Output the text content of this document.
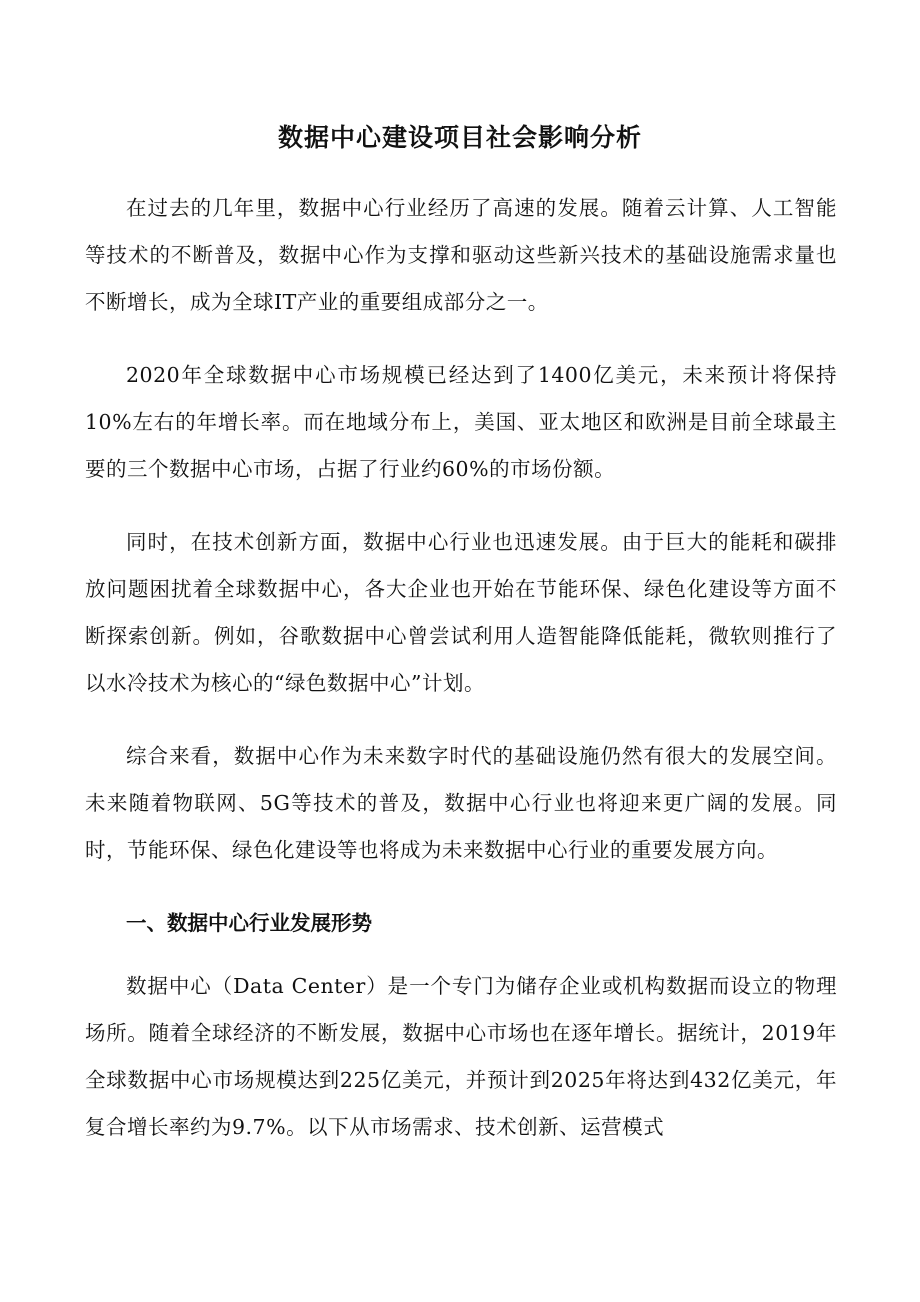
数据中心建设项目社会影响分析

在过去的几年里，数据中心行业经历了高速的发展。随着云计算、人工智能等技术的不断普及，数据中心作为支撑和驱动这些新兴技术的基础设施需求量也不断增长，成为全球IT产业的重要组成部分之一。

2020年全球数据中心市场规模已经达到了1400亿美元，未来预计将保持10%左右的年增长率。而在地域分布上，美国、亚太地区和欧洲是目前全球最主要的三个数据中心市场，占据了行业约60%的市场份额。

同时，在技术创新方面，数据中心行业也迅速发展。由于巨大的能耗和碳排放问题困扰着全球数据中心，各大企业也开始在节能环保、绿色化建设等方面不断探索创新。例如，谷歌数据中心曾尝试利用人造智能降低能耗，微软则推行了以水冷技术为核心的“绿色数据中心”计划。

综合来看，数据中心作为未来数字时代的基础设施仍然有很大的发展空间。未来随着物联网、5G等技术的普及，数据中心行业也将迎来更广阔的发展。同时，节能环保、绿色化建设等也将成为未来数据中心行业的重要发展方向。

一、数据中心行业发展形势

数据中心（Data Center）是一个专门为储存企业或机构数据而设立的物理场所。随着全球经济的不断发展，数据中心市场也在逐年增长。据统计，2019年全球数据中心市场规模达到225亿美元，并预计到2025年将达到432亿美元，年复合增长率约为9.7%。以下从市场需求、技术创新、运营模式
